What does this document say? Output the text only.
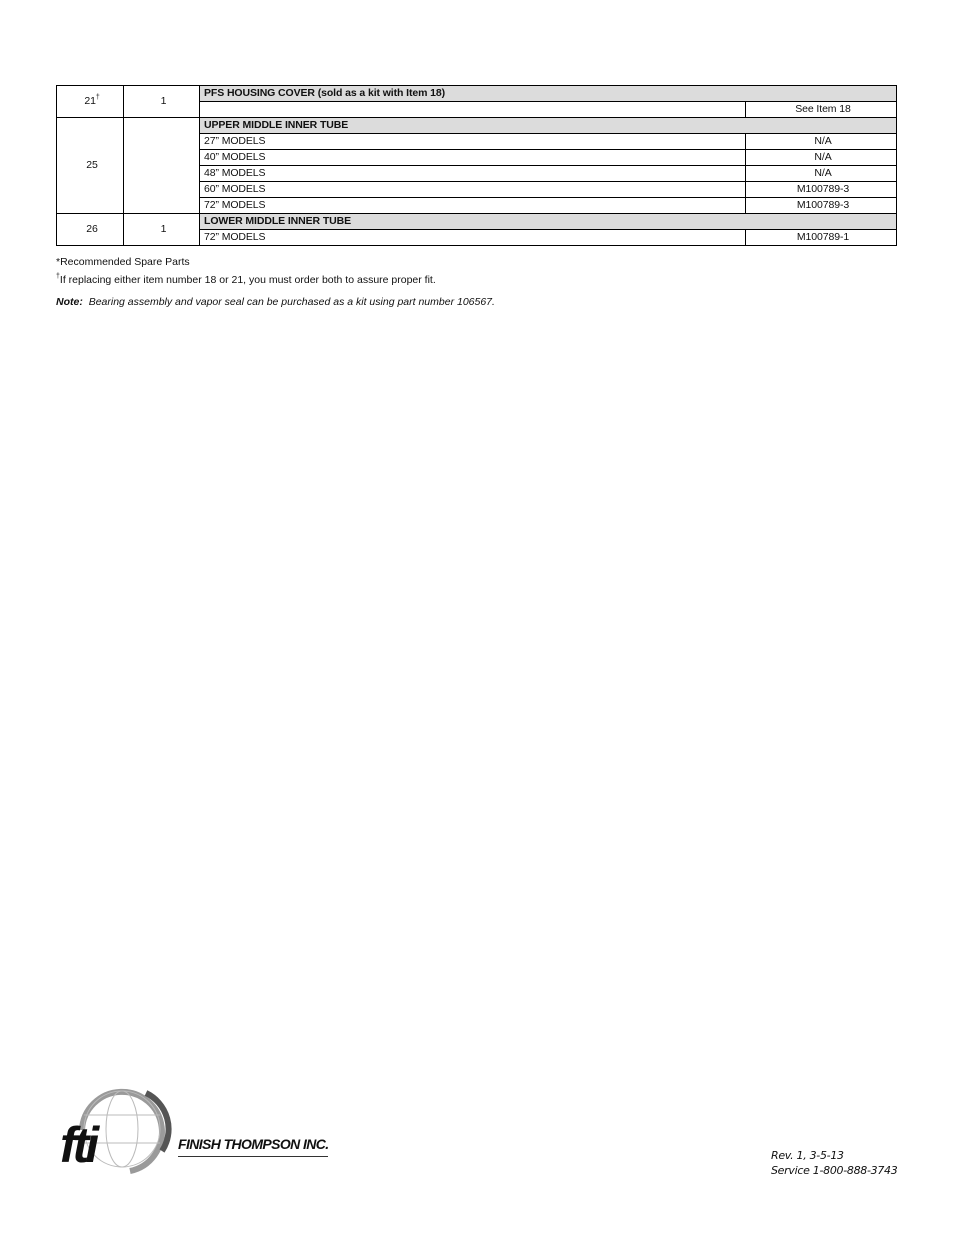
21†	1	PFS HOUSING COVER (sold as a kit with Item 18)	
			See Item 18
25		UPPER MIDDLE INNER TUBE	
		27” MODELS	N/A
		40” MODELS	N/A
		48” MODELS	N/A
		60” MODELS	M100789-3
		72” MODELS	M100789-3
26	1	LOWER MIDDLE INNER TUBE	
		72” MODELS	M100789-1
*Recommended Spare Parts
†If replacing either item number 18 or 21, you must order both to assure proper fit.
Note: Bearing assembly and vapor seal can be purchased as a kit using part number 106567.
fti	FINISH THOMPSON INC.
Rev. 1, 3-5-13
Service 1-800-888-3743
